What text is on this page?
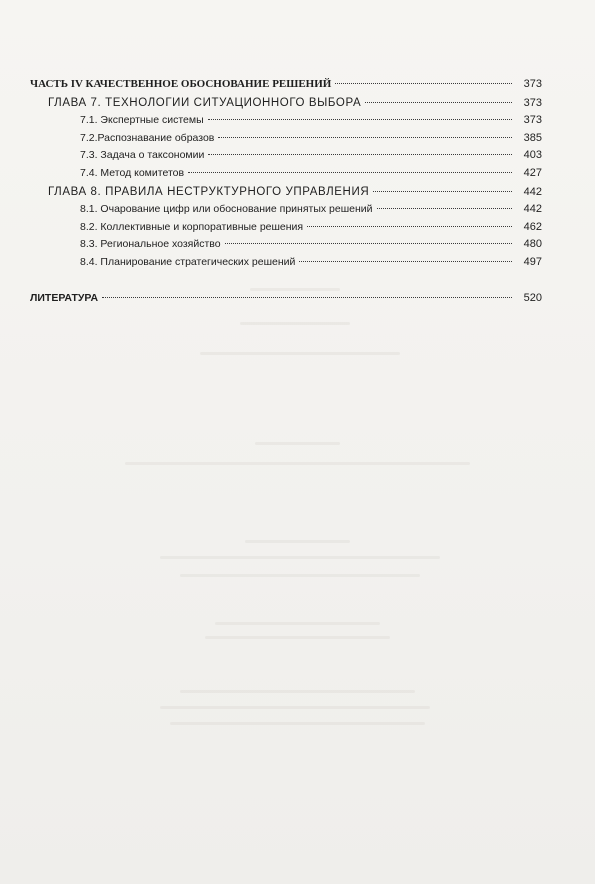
ЧАСТЬ IV КАЧЕСТВЕННОЕ ОБОСНОВАНИЕ РЕШЕНИЙ	373
ГЛАВА 7. ТЕХНОЛОГИИ СИТУАЦИОННОГО ВЫБОРА	373
7.1. Экспертные системы	373
7.2.Распознавание образов	385
7.3. Задача о таксономии	403
7.4. Метод комитетов	427
ГЛАВА 8. ПРАВИЛА НЕСТРУКТУРНОГО УПРАВЛЕНИЯ	442
8.1. Очарование цифр или обоснование принятых решений	442
8.2. Коллективные и корпоративные решения	462
8.3. Региональное хозяйство	480
8.4. Планирование стратегических решений	497
ЛИТЕРАТУРА	520
